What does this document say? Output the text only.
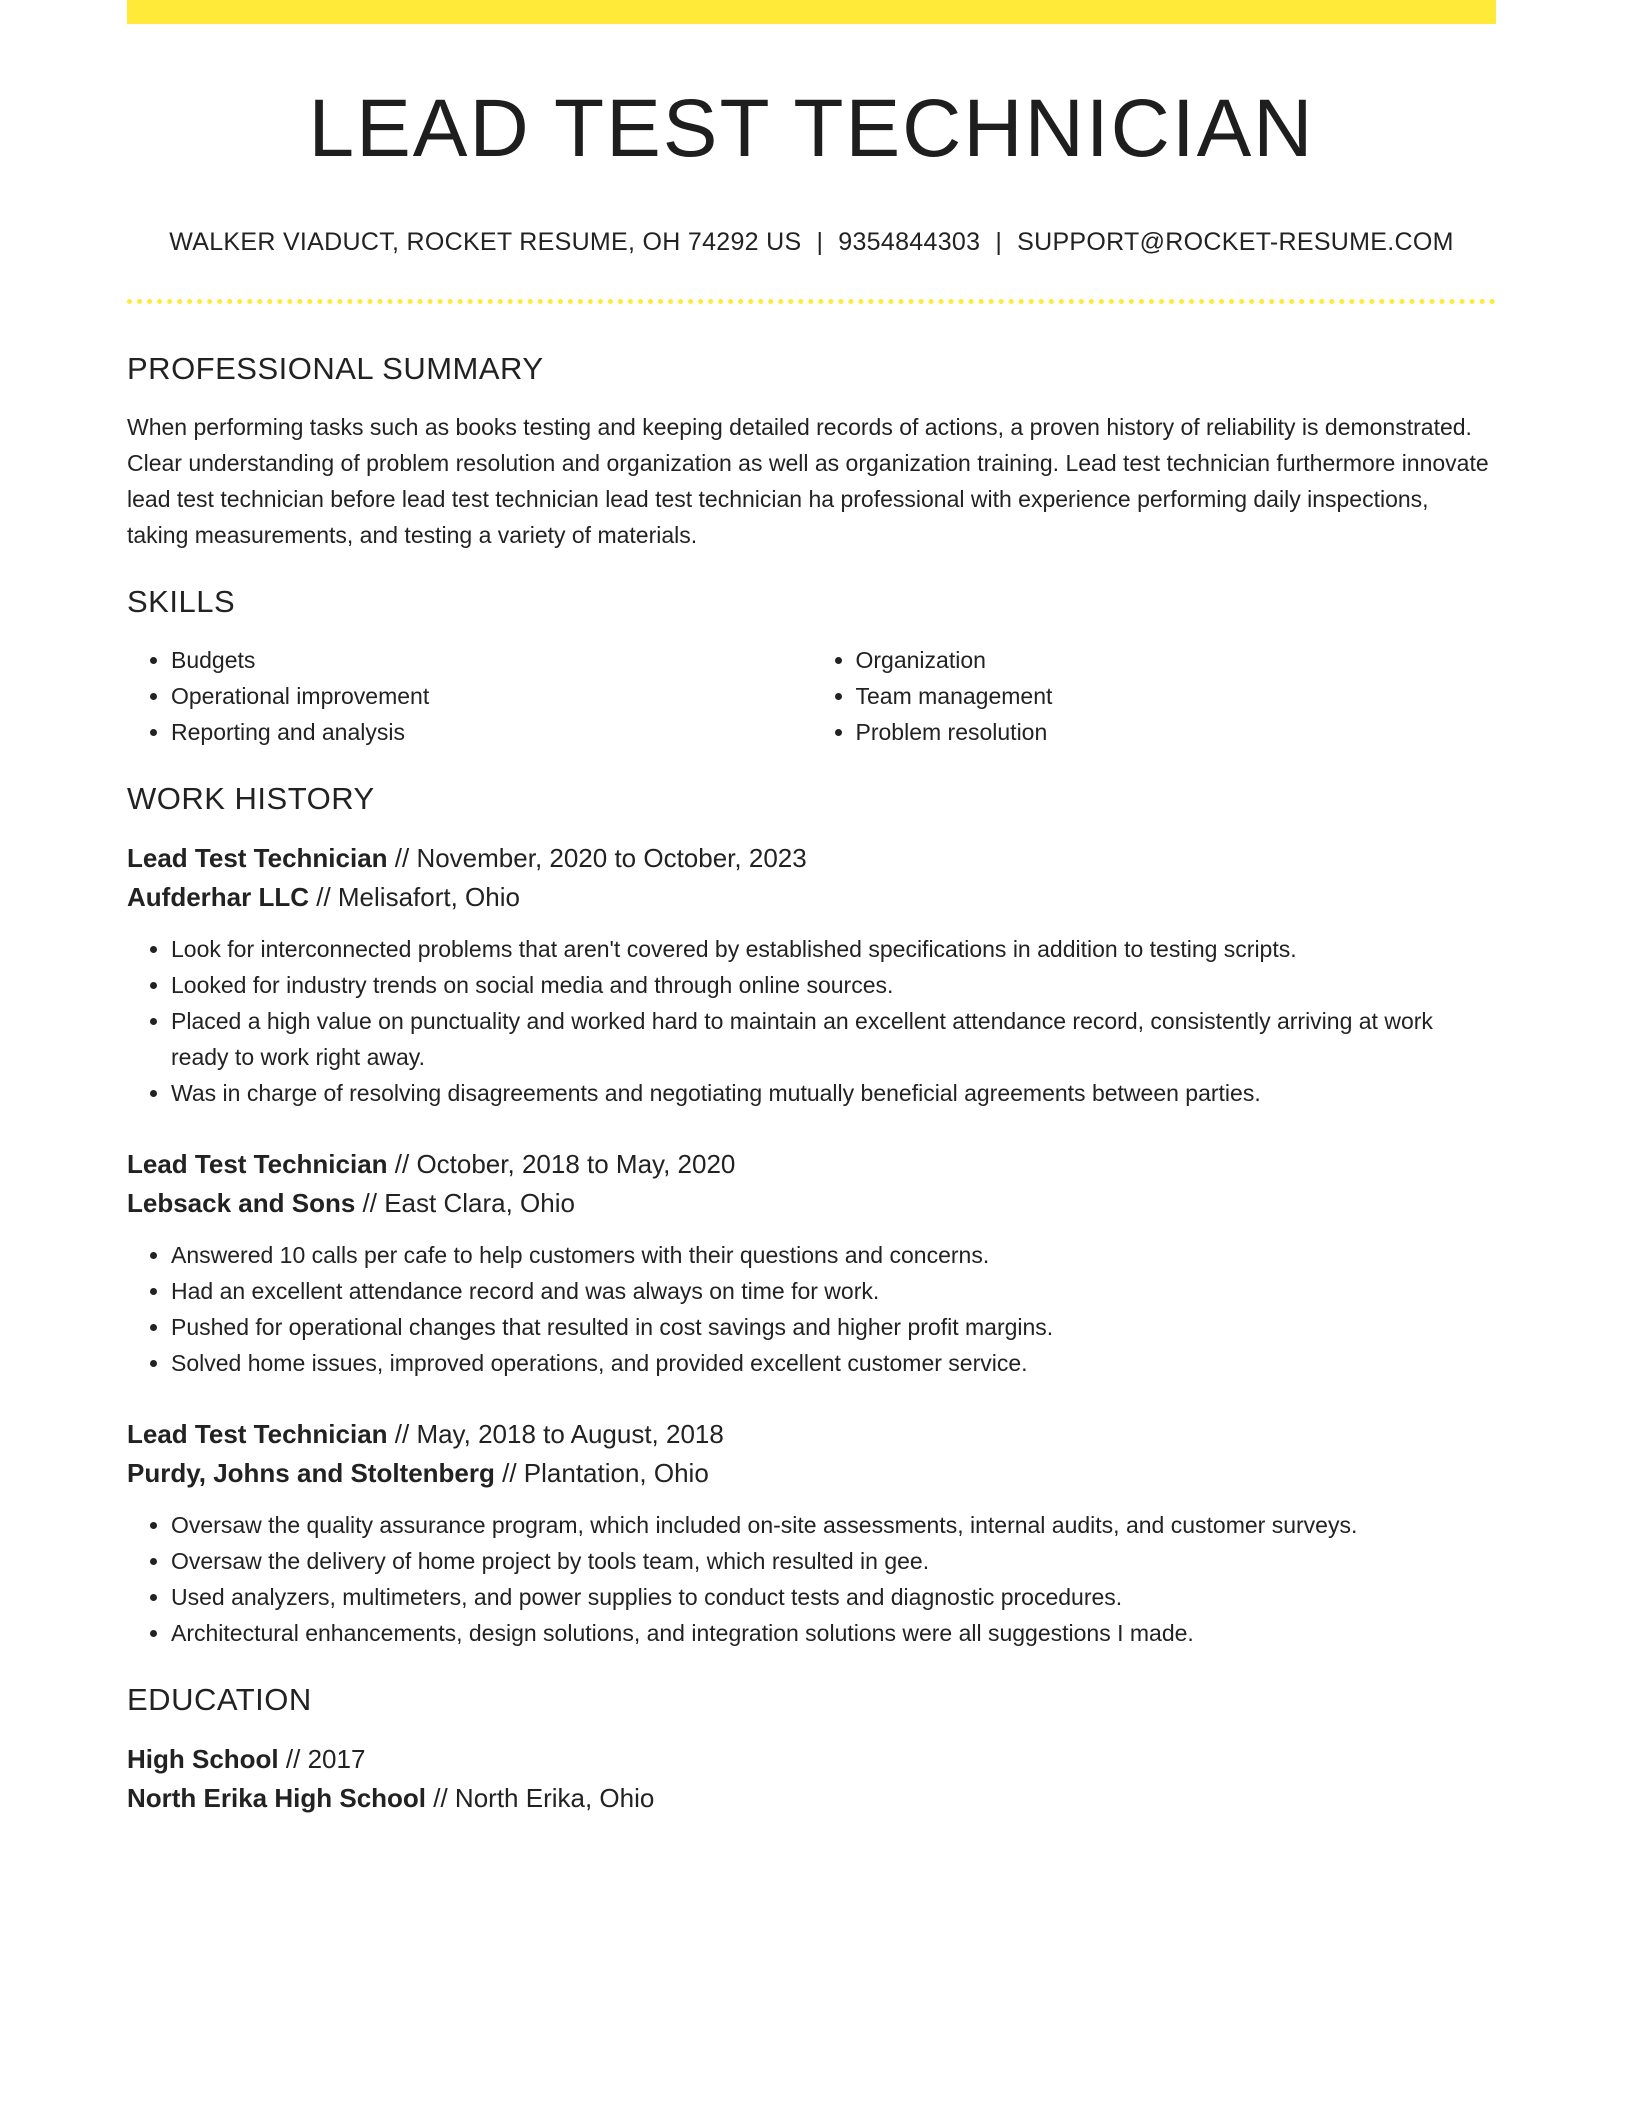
LEAD TEST TECHNICIAN
WALKER VIADUCT, ROCKET RESUME, OH 74292 US | 9354844303 | SUPPORT@ROCKET-RESUME.COM
PROFESSIONAL SUMMARY
When performing tasks such as books testing and keeping detailed records of actions, a proven history of reliability is demonstrated. Clear understanding of problem resolution and organization as well as organization training. Lead test technician furthermore innovate lead test technician before lead test technician lead test technician ha professional with experience performing daily inspections, taking measurements, and testing a variety of materials.
SKILLS
• Budgets
• Operational improvement
• Reporting and analysis
• Organization
• Team management
• Problem resolution
WORK HISTORY
Lead Test Technician // November, 2020 to October, 2023
Aufderhar LLC // Melisafort, Ohio
• Look for interconnected problems that aren't covered by established specifications in addition to testing scripts.
• Looked for industry trends on social media and through online sources.
• Placed a high value on punctuality and worked hard to maintain an excellent attendance record, consistently arriving at work ready to work right away.
• Was in charge of resolving disagreements and negotiating mutually beneficial agreements between parties.
Lead Test Technician // October, 2018 to May, 2020
Lebsack and Sons // East Clara, Ohio
• Answered 10 calls per cafe to help customers with their questions and concerns.
• Had an excellent attendance record and was always on time for work.
• Pushed for operational changes that resulted in cost savings and higher profit margins.
• Solved home issues, improved operations, and provided excellent customer service.
Lead Test Technician // May, 2018 to August, 2018
Purdy, Johns and Stoltenberg // Plantation, Ohio
• Oversaw the quality assurance program, which included on-site assessments, internal audits, and customer surveys.
• Oversaw the delivery of home project by tools team, which resulted in gee.
• Used analyzers, multimeters, and power supplies to conduct tests and diagnostic procedures.
• Architectural enhancements, design solutions, and integration solutions were all suggestions I made.
EDUCATION
High School // 2017
North Erika High School // North Erika, Ohio
